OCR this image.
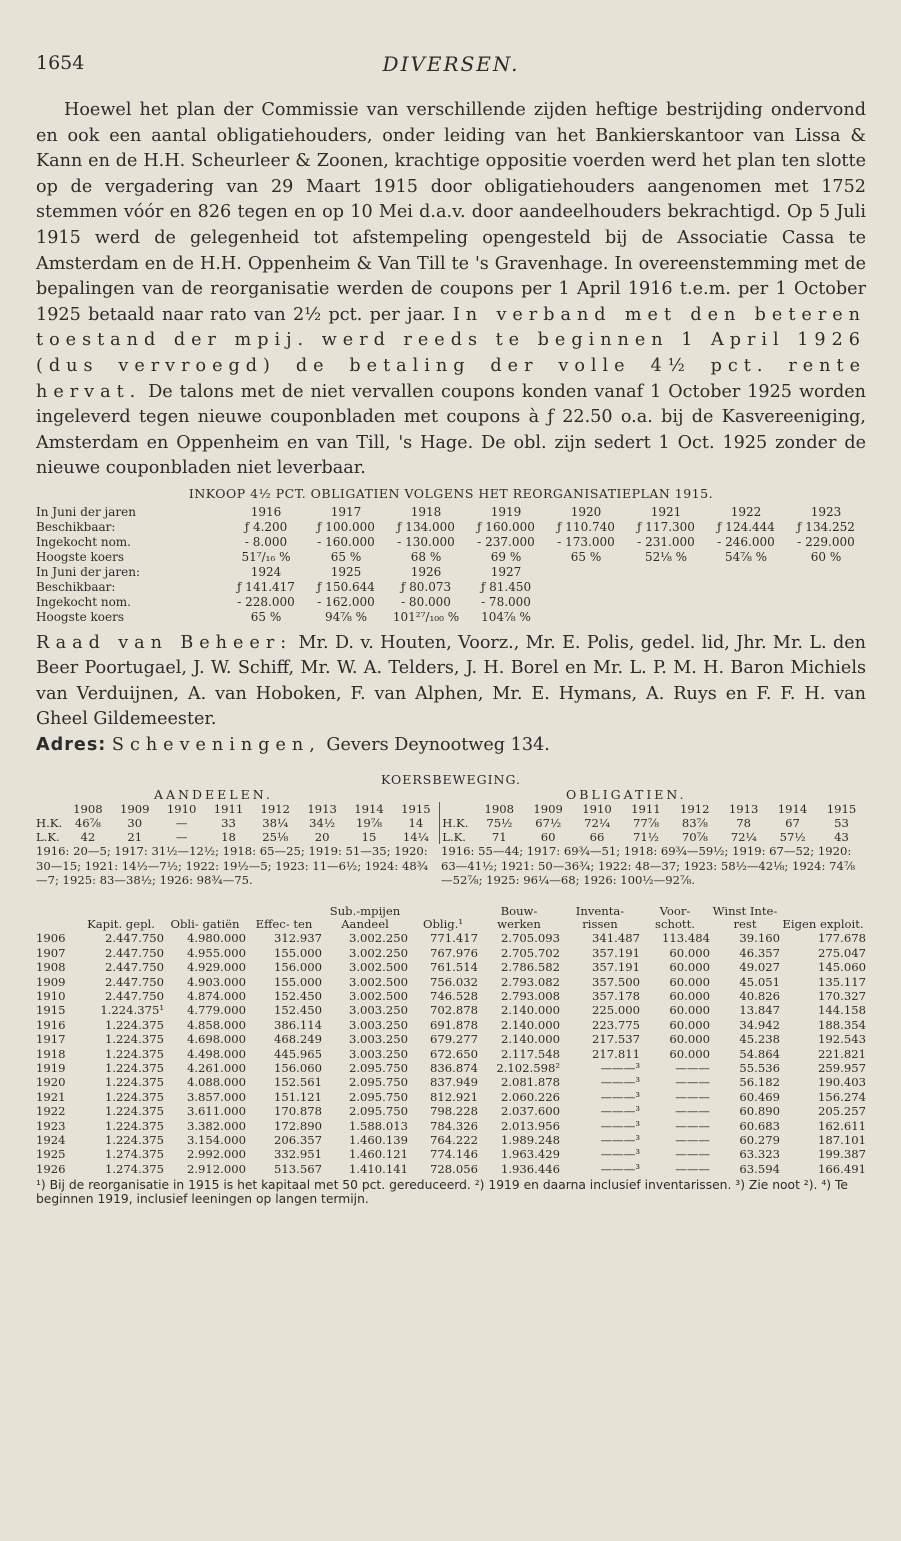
1654	DIVERSEN.

Hoewel het plan der Commissie van verschillende zijden heftige bestrijding ondervond en ook een aantal obligatiehouders, onder leiding van het Bankierskantoor van Lissa & Kann en de H.H. Scheurleer & Zoonen, krachtige oppositie voerden werd het plan ten slotte op de vergadering van 29 Maart 1915 door obligatiehouders aangenomen met 1752 stemmen vóór en 826 tegen en op 10 Mei d.a.v. door aandeelhouders bekrachtigd. Op 5 Juli 1915 werd de gelegenheid tot afstempeling opengesteld bij de Associatie Cassa te Amsterdam en de H.H. Oppenheim & Van Till te 's Gravenhage. In overeenstemming met de bepalingen van de reorganisatie werden de coupons per 1 April 1916 t.e.m. per 1 October 1925 betaald naar rato van 2½ pct. per jaar. In verband met den beteren toestand der mpij. werd reeds te beginnen 1 April 1926 (dus vervroegd) de betaling der volle 4½ pct. rente hervat. De talons met de niet vervallen coupons konden vanaf 1 October 1925 worden ingeleverd tegen nieuwe couponbladen met coupons à ƒ 22.50 o.a. bij de Kasvereeniging, Amsterdam en Oppenheim en van Till, 's Hage. De obl. zijn sedert 1 Oct. 1925 zonder de nieuwe couponbladen niet leverbaar.

INKOOP 4½ PCT. OBLIGATIEN VOLGENS HET REORGANISATIEPLAN 1915.
In Juni der jaren	1916	1917	1918	1919	1920	1921	1922	1923
Beschikbaar:	ƒ 4.200	ƒ 100.000	ƒ 134.000	ƒ 160.000	ƒ 110.740	ƒ 117.300	ƒ 124.444	ƒ 134.252
Ingekocht nom.	- 8.000	- 160.000	- 130.000	- 237.000	- 173.000	- 231.000	- 246.000	- 229.000
Hoogste koers	51⁷/₁₆ %	65 %	68 %	69 %	65 %	52⅛ %	54⅞ %	60 %
In Juni der jaren:	1924	1925	1926	1927				
Beschikbaar:	ƒ 141.417	ƒ 150.644	ƒ 80.073	ƒ 81.450				
Ingekocht nom.	- 228.000	- 162.000	- 80.000	- 78.000				
Hoogste koers	65 %	94⅞ %	101²⁷/₁₀₀ %	104⅞ %				

Raad van Beheer: Mr. D. v. Houten, Voorz., Mr. E. Polis, gedel. lid, Jhr. Mr. L. den Beer Poortugael, J. W. Schiff, Mr. W. A. Telders, J. H. Borel en Mr. L. P. M. H. Baron Michiels van Verduijnen, A. van Hoboken, F. van Alphen, Mr. E. Hymans, A. Ruys en F. F. H. van Gheel Gildemeester.

Adres: Scheveningen, Gevers Deynootweg 134.
KOERSBEWEGING.
AANDEELEN.	OBLIGATIEN.
	1908	1909	1910	1911	1912	1913	1914	1915		1908	1909	1910	1911	1912	1913	1914	1915
H.K.	46⅞	30	—	33	38¼	34½	19⅞	14	H.K.	75½	67½	72¼	77⅞	83⅞	78	67	53
L.K.	42	21	—	18	25⅛	20	15	14¼	L.K.	71	60	66	71½	70⅞	72¼	57½	43
1916: 20—5; 1917: 31½—12½; 1918: 65—25; 1919: 51—35; 1920: 30—15; 1921: 14½—7½; 1922: 19½—5; 1923: 11—6½; 1924: 48¾—7; 1925: 83—38½; 1926: 98¾—75.1916: 55—44; 1917: 69¾—51; 1918: 69¾—59½; 1919: 67—52; 1920: 63—41½; 1921: 50—36¾; 1922: 48—37; 1923: 58½—42⅛; 1924: 74⅞—52⅞; 1925: 96¼—68; 1926: 100½—92⅞.
	Kapit. gepl.	Obli- gatiën	Effec- ten	Sub.-mpijen Aandeel	Oblig.¹	Bouw- werken	Inventa- rissen	Voor- schott.	Winst Inte- rest	Eigen exploit.
1906	2.447.750	4.980.000	312.937	3.002.250	771.417	2.705.093	341.487	113.484	39.160	177.678
1907	2.447.750	4.955.000	155.000	3.002.250	767.976	2.705.702	357.191	60.000	46.357	275.047
1908	2.447.750	4.929.000	156.000	3.002.500	761.514	2.786.582	357.191	60.000	49.027	145.060
1909	2.447.750	4.903.000	155.000	3.002.500	756.032	2.793.082	357.500	60.000	45.051	135.117
1910	2.447.750	4.874.000	152.450	3.002.500	746.528	2.793.008	357.178	60.000	40.826	170.327
1915	1.224.375¹	4.779.000	152.450	3.003.250	702.878	2.140.000	225.000	60.000	13.847	144.158
1916	1.224.375	4.858.000	386.114	3.003.250	691.878	2.140.000	223.775	60.000	34.942	188.354
1917	1.224.375	4.698.000	468.249	3.003.250	679.277	2.140.000	217.537	60.000	45.238	192.543
1918	1.224.375	4.498.000	445.965	3.003.250	672.650	2.117.548	217.811	60.000	54.864	221.821
1919	1.224.375	4.261.000	156.060	2.095.750	836.874	2.102.598²	———³	———	55.536	259.957
1920	1.224.375	4.088.000	152.561	2.095.750	837.949	2.081.878	———³	———	56.182	190.403
1921	1.224.375	3.857.000	151.121	2.095.750	812.921	2.060.226	———³	———	60.469	156.274
1922	1.224.375	3.611.000	170.878	2.095.750	798.228	2.037.600	———³	———	60.890	205.257
1923	1.224.375	3.382.000	172.890	1.588.013	784.326	2.013.956	———³	———	60.683	162.611
1924	1.224.375	3.154.000	206.357	1.460.139	764.222	1.989.248	———³	———	60.279	187.101
1925	1.274.375	2.992.000	332.951	1.460.121	774.146	1.963.429	———³	———	63.323	199.387
1926	1.274.375	2.912.000	513.567	1.410.141	728.056	1.936.446	———³	———	63.594	166.491
¹) Bij de reorganisatie in 1915 is het kapitaal met 50 pct. gereduceerd. ²) 1919 en daarna inclusief inventarissen. ³) Zie noot ²). ⁴) Te beginnen 1919, inclusief leeningen op langen termijn.
